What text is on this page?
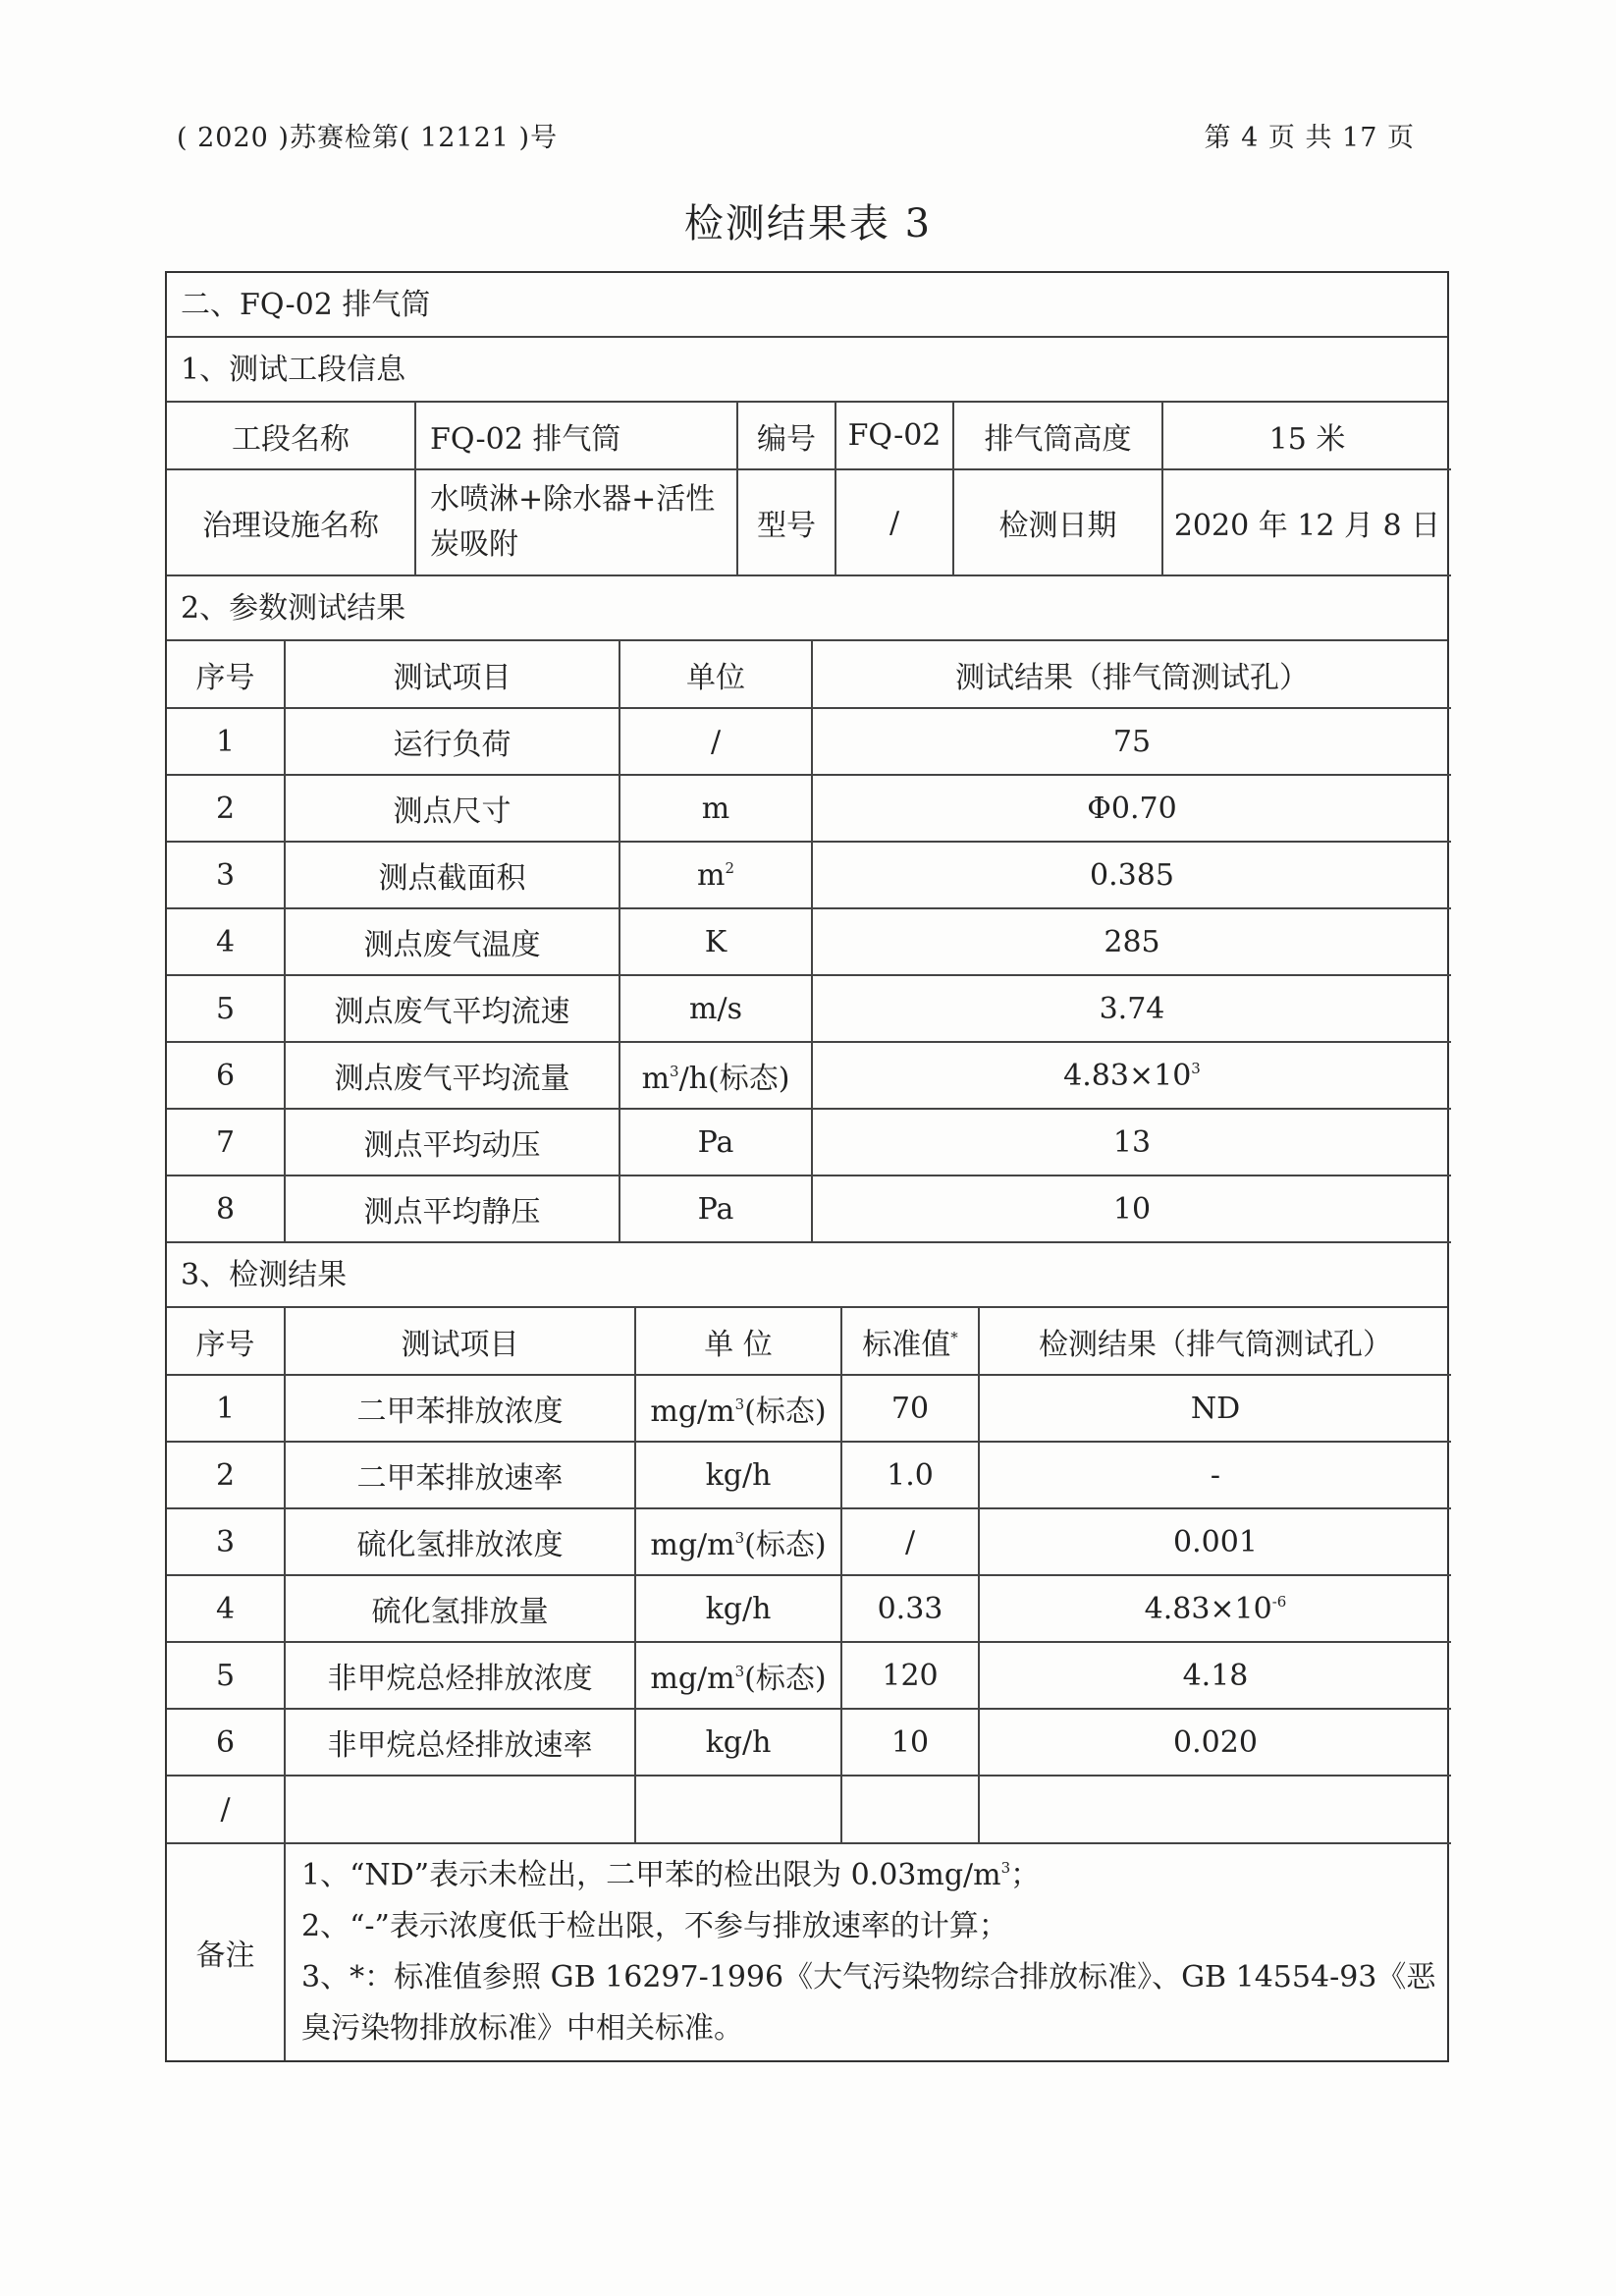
( 2020 )苏赛检第( 12121 )号	第 4 页 共 17 页
检测结果表 3
二、FQ-02 排气筒
1、测试工段信息
工段名称	FQ-02 排气筒	编号	FQ-02	排气筒高度	15 米
治理设施名称	水喷淋+除水器+活性炭吸附	型号	/	检测日期	2020 年 12 月 8 日
2、参数测试结果
序号	测试项目	单位	测试结果（排气筒测试孔）
1	运行负荷	/	75
2	测点尺寸	m	Φ0.70
3	测点截面积	$m^2$	0.385
4	测点废气温度	K	285
5	测点废气平均流速	m/s	3.74
6	测点废气平均流量	$m^3/h$(标态)	$4.83\times 10^3$
7	测点平均动压	Pa	13
8	测点平均静压	Pa	10
3、检测结果
序号	测试项目	单 位	标准值*	检测结果（排气筒测试孔）
1	二甲苯排放浓度	$mg/m^3$(标态)	70	ND
2	二甲苯排放速率	kg/h	1.0	-
3	硫化氢排放浓度	$mg/m^3$(标态)	/	0.001
4	硫化氢排放量	kg/h	0.33	$4.83\times 10^{-6}$
5	非甲烷总烃排放浓度	$mg/m^3$(标态)	120	4.18
6	非甲烷总烃排放速率	kg/h	10	0.020
/				
备注	
1、“ND”表示未检出，二甲苯的检出限为 $0.03mg/m^3$；
2、“-”表示浓度低于检出限，不参与排放速率的计算；
3、*：标准值参照 GB 16297-1996《大气污染物综合排放标准》、GB 14554-93《恶臭污染物排放标准》中相关标准。
